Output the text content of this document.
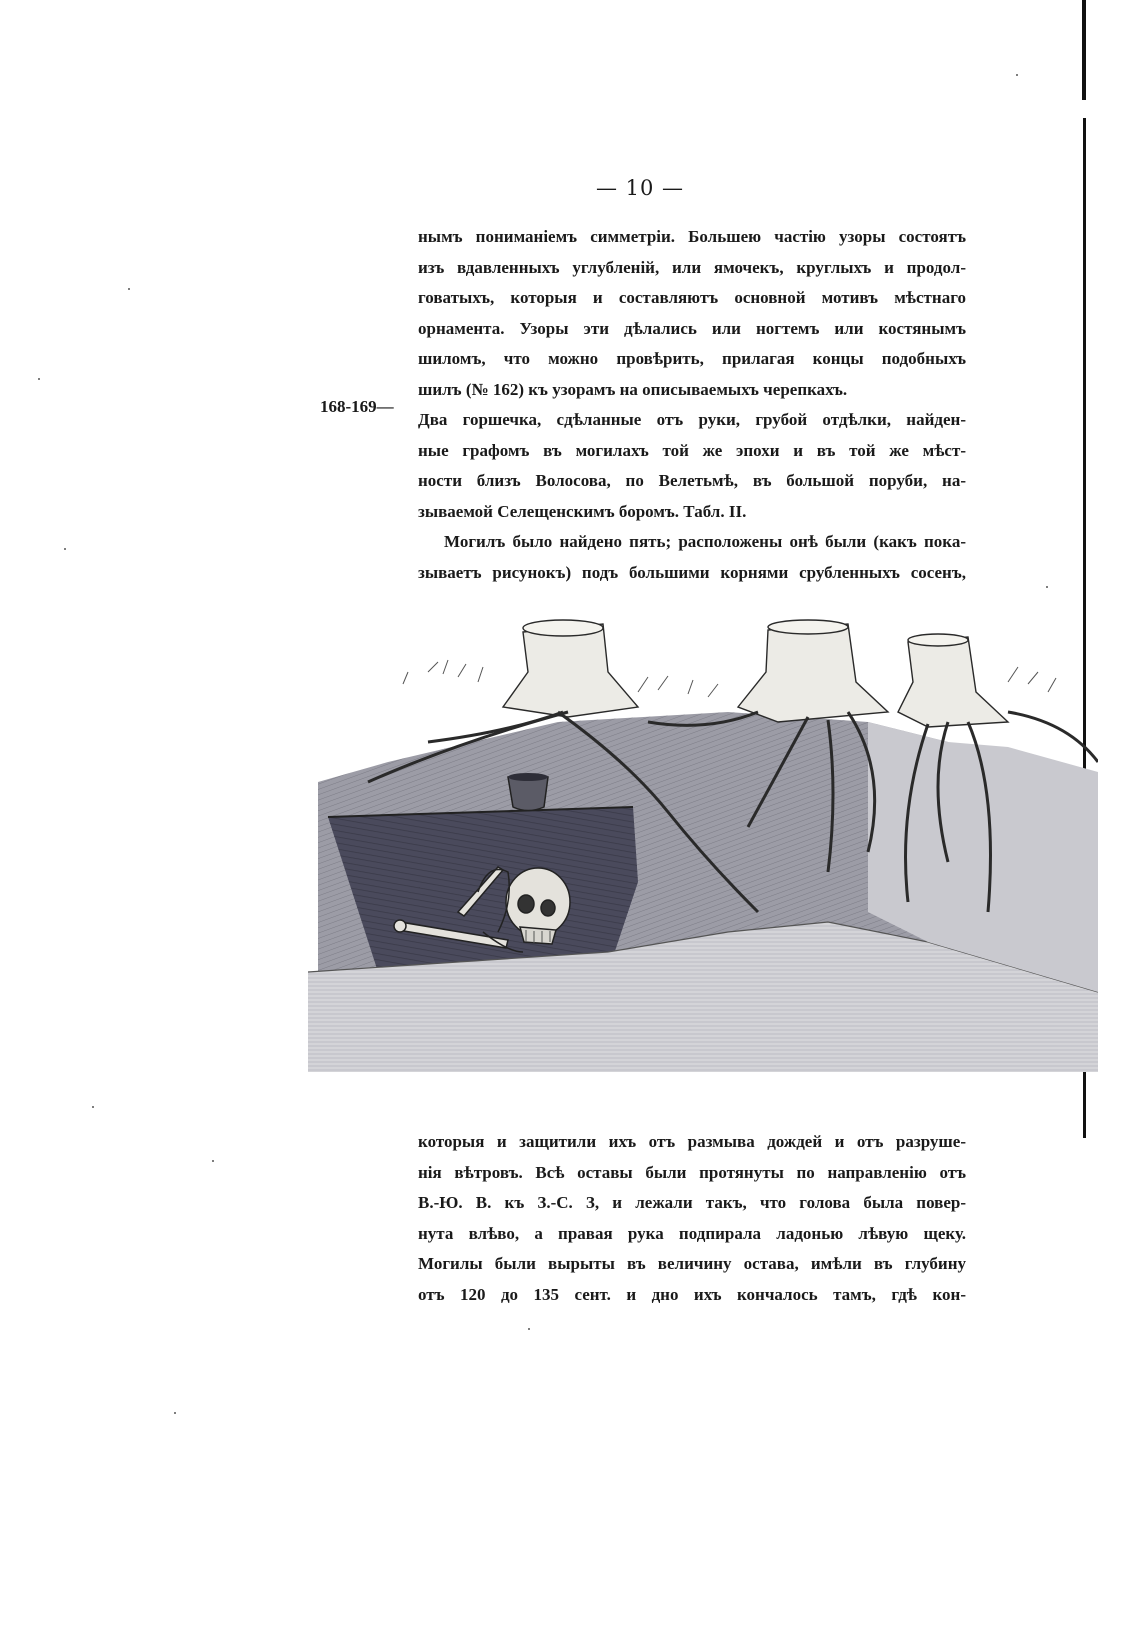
— 10 —
нымъ пониманіемъ симметріи. Большею частію узоры состоятъ
изъ вдавленныхъ углубленій, или ямочекъ, круглыхъ и продол-
говатыхъ, которыя и составляютъ основной мотивъ мѣстнаго
орнамента. Узоры эти дѣлались или ногтемъ или костянымъ
шиломъ, что можно провѣрить, прилагая концы подобныхъ
шилъ (№ 162) къ узорамъ на описываемыхъ черепкахъ.
Два горшечка, сдѣланные отъ руки, грубой отдѣлки, найден-
ные графомъ въ могилахъ той же эпохи и въ той же мѣст-
ности близъ Волосова, по Велетьмѣ, въ большой поруби, на-
зываемой Селещенскимъ боромъ. Табл. II.
Могилъ было найдено пять; расположены онѣ были (какъ пока-
зываетъ рисунокъ) подъ большими корнями срубленныхъ сосенъ,
168-169—
которыя и защитили ихъ отъ размыва дождей и отъ разруше-
нія вѣтровъ. Всѣ оставы были протянуты по направленію отъ
В.-Ю. В. къ З.-С. З, и лежали такъ, что голова была повер-
нута влѣво, а правая рука подпирала ладонью лѣвую щеку.
Могилы были вырыты въ величину остава, имѣли въ глубину
отъ 120 до 135 сент. и дно ихъ кончалось тамъ, гдѣ кон-
